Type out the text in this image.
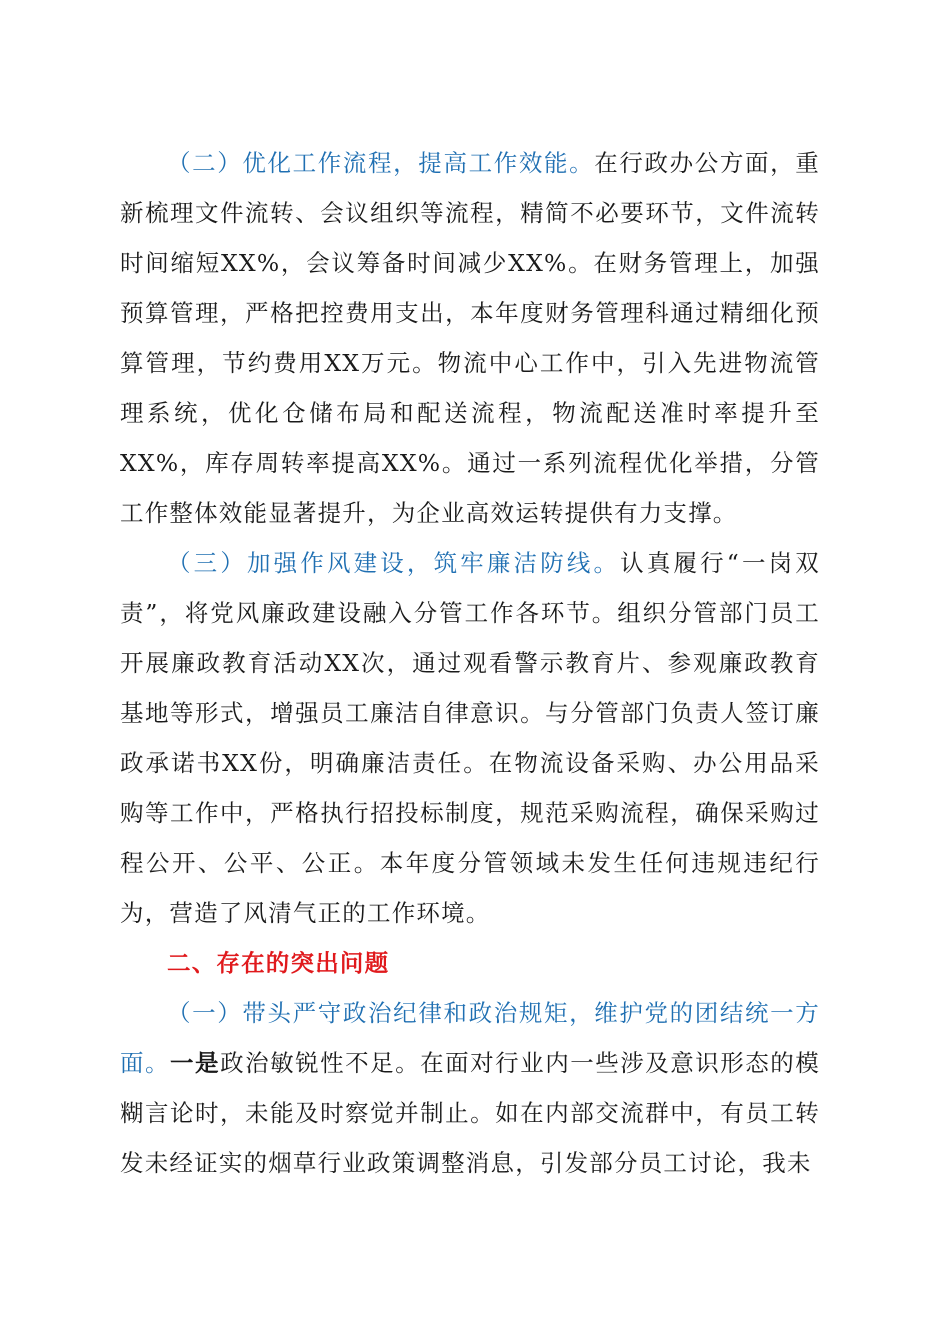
（二）优化工作流程，提高工作效能。在行政办公方面，重新梳理文件流转、会议组织等流程，精简不必要环节，文件流转时间缩短XX%，会议筹备时间减少XX%。在财务管理上，加强预算管理，严格把控费用支出，本年度财务管理科通过精细化预算管理，节约费用XX万元。物流中心工作中，引入先进物流管理系统，优化仓储布局和配送流程，物流配送准时率提升至XX%，库存周转率提高XX%。通过一系列流程优化举措，分管工作整体效能显著提升，为企业高效运转提供有力支撑。

（三）加强作风建设，筑牢廉洁防线。认真履行“一岗双责”，将党风廉政建设融入分管工作各环节。组织分管部门员工开展廉政教育活动XX次，通过观看警示教育片、参观廉政教育基地等形式，增强员工廉洁自律意识。与分管部门负责人签订廉政承诺书XX份，明确廉洁责任。在物流设备采购、办公用品采购等工作中，严格执行招投标制度，规范采购流程，确保采购过程公开、公平、公正。本年度分管领域未发生任何违规违纪行为，营造了风清气正的工作环境。

二、存在的突出问题

（一）带头严守政治纪律和政治规矩，维护党的团结统一方面。一是政治敏锐性不足。在面对行业内一些涉及意识形态的模糊言论时，未能及时察觉并制止。如在内部交流群中，有员工转发未经证实的烟草行业政策调整消息，引发部分员工讨论，我未
